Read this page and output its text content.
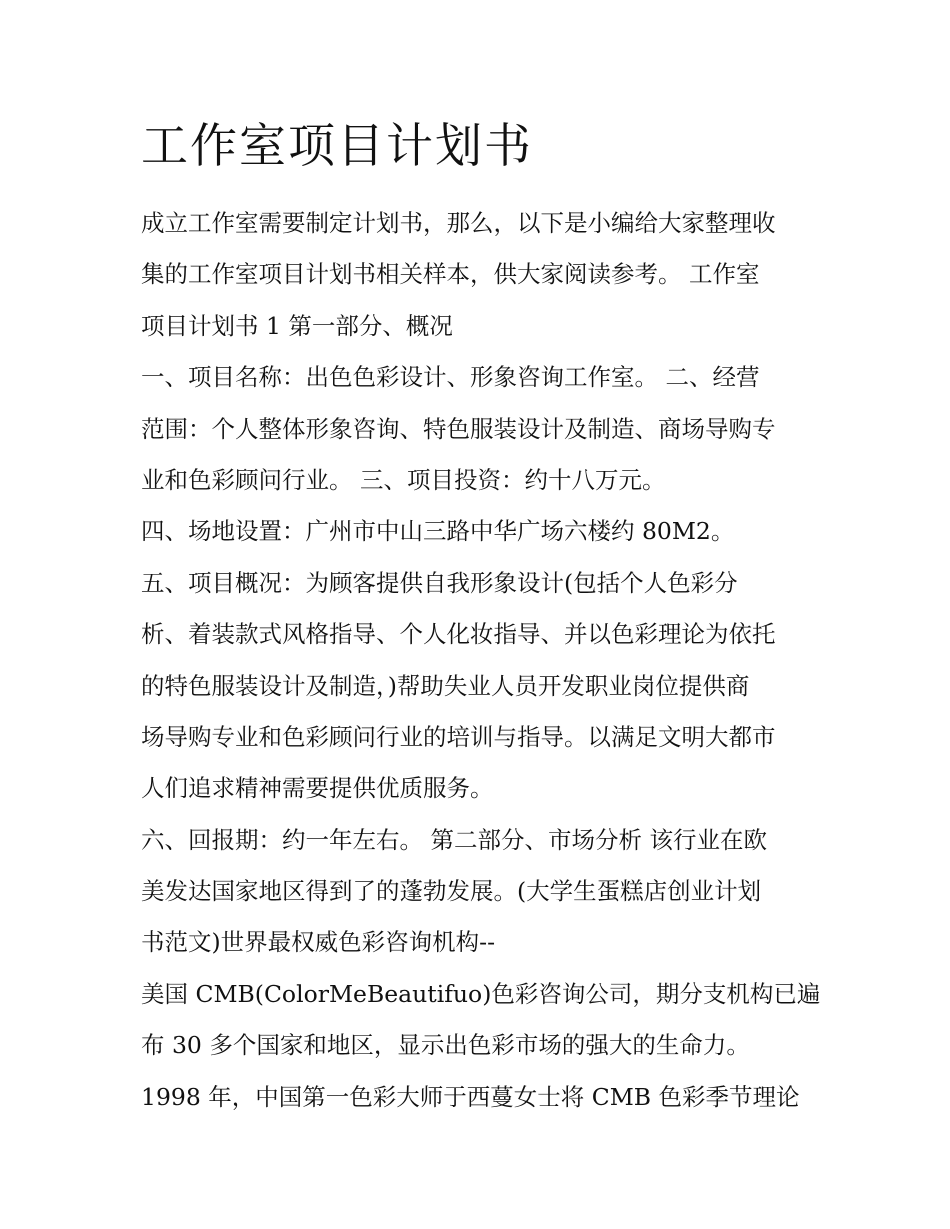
工作室项目计划书
成立工作室需要制定计划书，那么，以下是小编给大家整理收
集的工作室项目计划书相关样本，供大家阅读参考。 工作室
项目计划书 1 第一部分、概况
一、项目名称：出色色彩设计、形象咨询工作室。 二、经营
范围：个人整体形象咨询、特色服装设计及制造、商场导购专
业和色彩顾问行业。 三、项目投资：约十八万元。
四、场地设置：广州市中山三路中华广场六楼约 80M2。
五、项目概况：为顾客提供自我形象设计(包括个人色彩分
析、着装款式风格指导、个人化妆指导、并以色彩理论为依托
的特色服装设计及制造，)帮助失业人员开发职业岗位提供商
场导购专业和色彩顾问行业的培训与指导。以满足文明大都市
人们追求精神需要提供优质服务。
六、回报期：约一年左右。 第二部分、市场分析 该行业在欧
美发达国家地区得到了的蓬勃发展。(大学生蛋糕店创业计划
书范文)世界最权威色彩咨询机构--
美国 CMB(ColorMeBeautifuo)色彩咨询公司，期分支机构已遍
布 30 多个国家和地区，显示出色彩市场的强大的生命力。
1998 年，中国第一色彩大师于西蔓女士将 CMB 色彩季节理论
